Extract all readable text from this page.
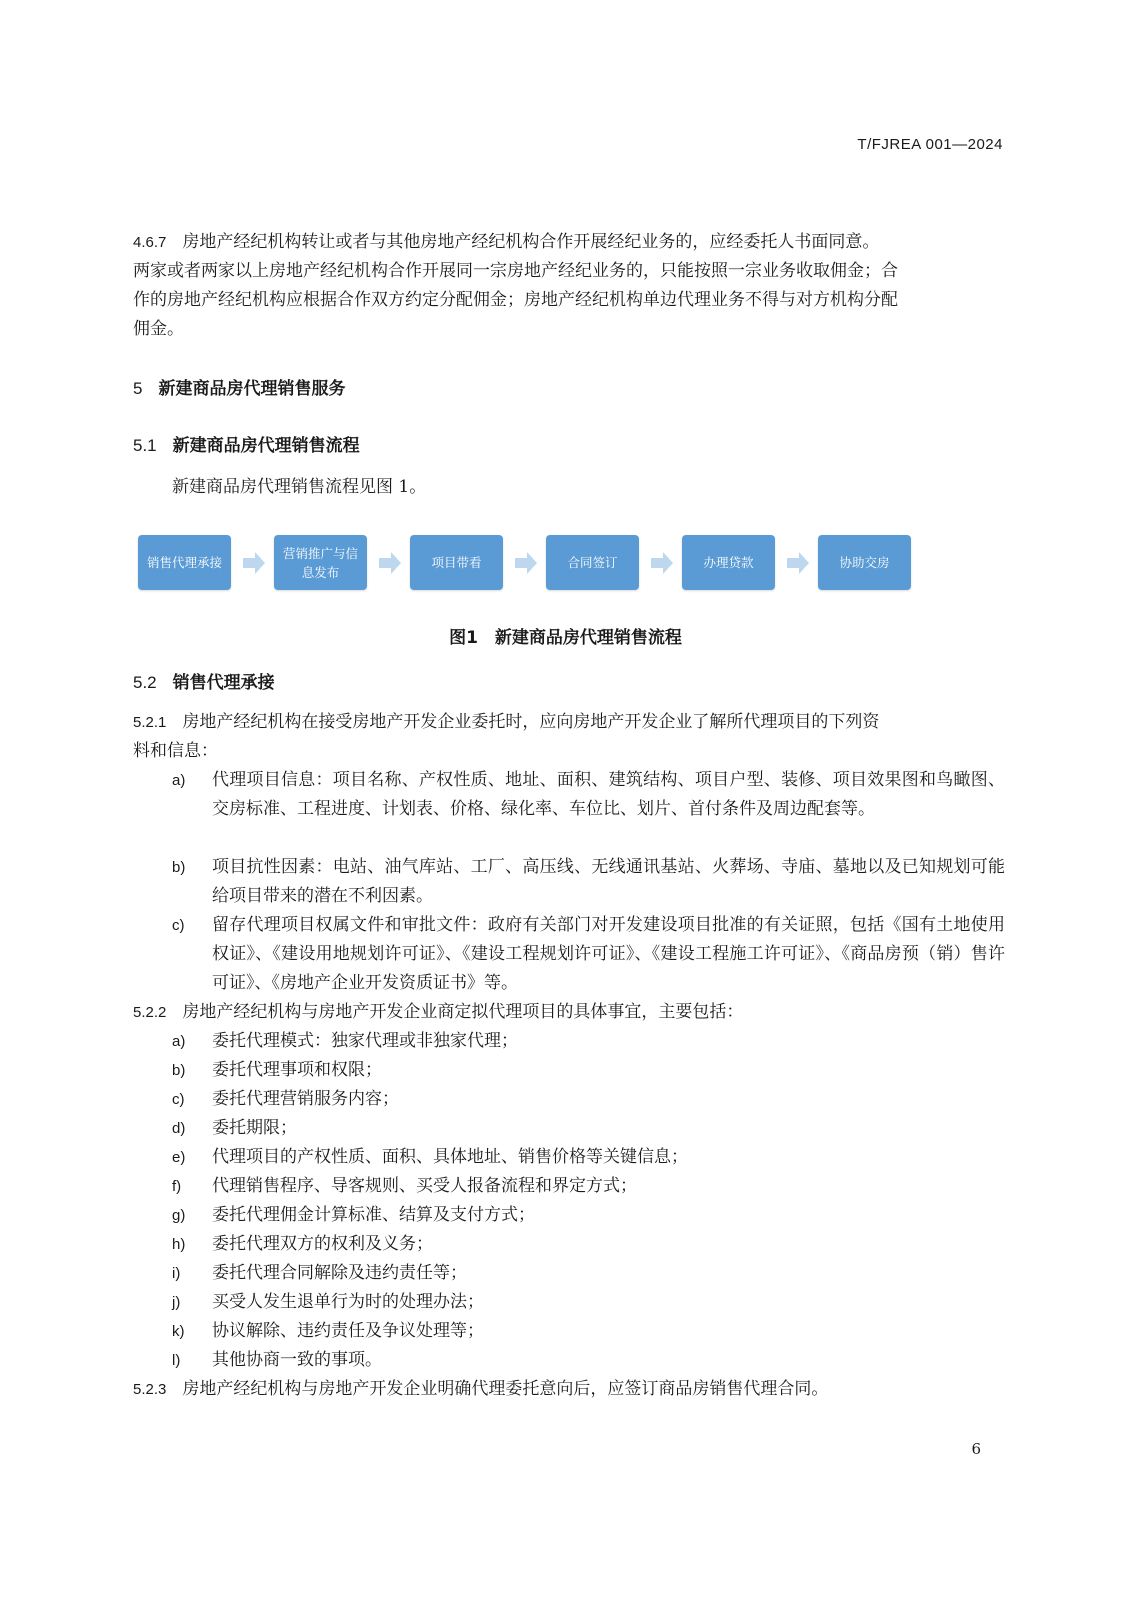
T/FJREA 001—2024
4.6.7 房地产经纪机构转让或者与其他房地产经纪机构合作开展经纪业务的，应经委托人书面同意。
两家或者两家以上房地产经纪机构合作开展同一宗房地产经纪业务的，只能按照一宗业务收取佣金；合
作的房地产经纪机构应根据合作双方约定分配佣金；房地产经纪机构单边代理业务不得与对方机构分配
佣金。
5 新建商品房代理销售服务
5.1 新建商品房代理销售流程
新建商品房代理销售流程见图 1。
销售代理承接
营销推广与信息发布
项目带看	合同签订	办理贷款	协助交房
图1　新建商品房代理销售流程
5.2 销售代理承接
5.2.1 房地产经纪机构在接受房地产开发企业委托时，应向房地产开发企业了解所代理项目的下列资
料和信息：
a)	代理项目信息：项目名称、产权性质、地址、面积、建筑结构、项目户型、装修、项目效果图和鸟瞰图、交房标准、工程进度、计划表、价格、绿化率、车位比、划片、首付条件及周边配套等。
b)	项目抗性因素：电站、油气库站、工厂、高压线、无线通讯基站、火葬场、寺庙、墓地以及已知规划可能给项目带来的潜在不利因素。
c)	留存代理项目权属文件和审批文件：政府有关部门对开发建设项目批准的有关证照，包括《国有土地使用权证》、《建设用地规划许可证》、《建设工程规划许可证》、《建设工程施工许可证》、《商品房预（销）售许可证》、《房地产企业开发资质证书》等。
5.2.2 房地产经纪机构与房地产开发企业商定拟代理项目的具体事宜，主要包括：
a)	委托代理模式：独家代理或非独家代理；
b)	委托代理事项和权限；
c)	委托代理营销服务内容；
d)	委托期限；
e)	代理项目的产权性质、面积、具体地址、销售价格等关键信息；
f)	代理销售程序、导客规则、买受人报备流程和界定方式；
g)	委托代理佣金计算标准、结算及支付方式；
h)	委托代理双方的权利及义务；
i)	委托代理合同解除及违约责任等；
j)	买受人发生退单行为时的处理办法；
k)	协议解除、违约责任及争议处理等；
l)	其他协商一致的事项。
5.2.3 房地产经纪机构与房地产开发企业明确代理委托意向后，应签订商品房销售代理合同。
6
